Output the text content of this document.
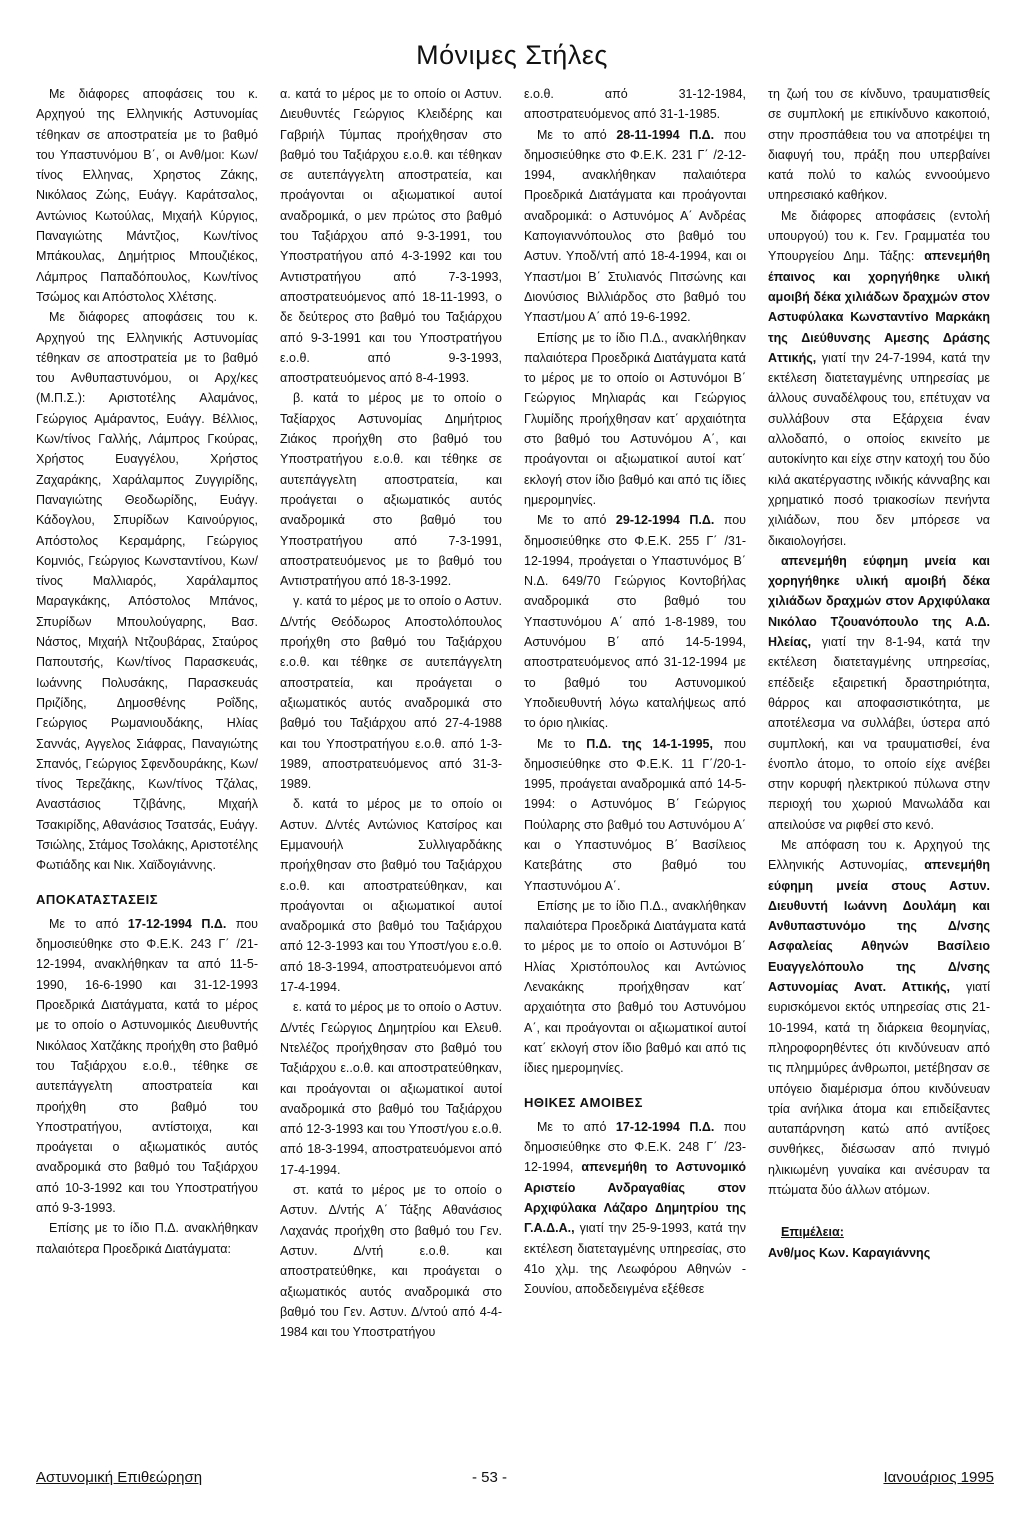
Μόνιμες Στήλες

Με διάφορες αποφάσεις του κ. Αρχηγού της Ελληνικής Αστυνομίας τέθηκαν σε αποστρατεία με το βαθμό του Υπαστυνόμου Β΄, οι Ανθ/μοι: Κων/τίνος Ελληνας, Χρηστος Ζάκης, Νικόλαος Ζώης, Ευάγγ. Καράτσαλος, Αντώνιος Κωτούλας, Μιχαήλ Κύργιος, Παναγιώτης Μάντζιος, Κων/τίνος Μπάκουλας, Δημήτριος Μπουζιέκος, Λάμπρος Παπαδόπουλος, Κων/τίνος Τσώμος και Απόστολος Χλέτσης.

Με διάφορες αποφάσεις του κ. Αρχηγού της Ελληνικής Αστυνομίας τέθηκαν σε αποστρατεία με το βαθμό του Ανθυπαστυνόμου, οι Αρχ/κες (Μ.Π.Σ.): Αριστοτέλης Αλαμάνος, Γεώργιος Αμάραντος, Ευάγγ. Βέλλιος, Κων/τίνος Γαλλής, Λάμπρος Γκούρας, Χρήστος Ευαγγέλου, Χρήστος Ζαχαράκης, Χαράλαμπος Ζυγγιρίδης, Παναγιώτης Θεοδωρίδης, Ευάγγ. Κάδογλου, Σπυρίδων Καινούργιος, Απόστολος Κεραμάρης, Γεώργιος Κομνιός, Γεώργιος Κωνσταντίνου, Κων/τίνος Μαλλιαρός, Χαράλαμπος Μαραγκάκης, Απόστολος Μπάνος, Σπυρίδων Μπουλούγαρης, Βασ. Νάστος, Μιχαήλ Ντζουβάρας, Σταύρος Παπουτσής, Κων/τίνος Παρασκευάς, Ιωάννης Πολυσάκης, Παρασκευάς Πριζίδης, Δημοσθένης Ροΐδης, Γεώργιος Ρωμανιουδάκης, Ηλίας Σαννάς, Αγγελος Σιάφρας, Παναγιώτης Σπανός, Γεώργιος Σφενδουράκης, Κων/τίνος Τερεζάκης, Κων/τίνος Τζάλας, Αναστάσιος Τζιβάνης, Μιχαήλ Τσακιρίδης, Αθανάσιος Τσατσάς, Ευάγγ. Τσιώλης, Στάμος Τσολάκης, Αριστοτέλης Φωτιάδης και Νικ. Χαϊδογιάννης.

ΑΠΟΚΑΤΑΣΤΑΣΕΙΣ

Με το από 17-12-1994 Π.Δ. που δημοσιεύθηκε στο Φ.Ε.Κ. 243 Γ΄ /21-12-1994, ανακλήθηκαν τα από 11-5-1990, 16-6-1990 και 31-12-1993 Προεδρικά Διατάγματα, κατά το μέρος με το οποίο ο Αστυνομικός Διευθυντής Νικόλαος Χατζάκης προήχθη στο βαθμό του Ταξιάρχου ε.ο.θ., τέθηκε σε αυτεπάγγελτη αποστρατεία και προήχθη στο βαθμό του Υποστρατήγου, αντίστοιχα, και προάγεται ο αξιωματικός αυτός αναδρομικά στο βαθμό του Ταξιάρχου από 10-3-1992 και του Υποστρατήγου από 9-3-1993.

Επίσης με το ίδιο Π.Δ. ανακλήθηκαν παλαιότερα Προεδρικά Διατάγματα:

α. κατά το μέρος με το οποίο οι Αστυν. Διευθυντές Γεώργιος Κλειδέρης και Γαβριήλ Τύμπας προήχθησαν στο βαθμό του Ταξιάρχου ε.ο.θ. και τέθηκαν σε αυτεπάγγελτη αποστρατεία, και προάγονται οι αξιωματικοί αυτοί αναδρομικά, ο μεν πρώτος στο βαθμό του Ταξιάρχου από 9-3-1991, του Υποστρατήγου από 4-3-1992 και του Αντιστρατήγου από 7-3-1993, αποστρατευόμενος από 18-11-1993, ο δε δεύτερος στο βαθμό του Ταξιάρχου από 9-3-1991 και του Υποστρατήγου ε.ο.θ. από 9-3-1993, αποστρατευόμενος από 8-4-1993.

β. κατά το μέρος με το οποίο ο Ταξίαρχος Αστυνομίας Δημήτριος Ζιάκος προήχθη στο βαθμό του Υποστρατήγου ε.ο.θ. και τέθηκε σε αυτεπάγγελτη αποστρατεία, και προάγεται ο αξιωματικός αυτός αναδρομικά στο βαθμό του Υποστρατήγου από 7-3-1991, αποστρατευόμενος με το βαθμό του Αντιστρατήγου από 18-3-1992.

γ. κατά το μέρος με το οποίο ο Αστυν. Δ/ντής Θεόδωρος Αποστολόπουλος προήχθη στο βαθμό του Ταξιάρχου ε.ο.θ. και τέθηκε σε αυτεπάγγελτη αποστρατεία, και προάγεται ο αξιωματικός αυτός αναδρομικά στο βαθμό του Ταξιάρχου από 27-4-1988 και του Υποστρατήγου ε.ο.θ. από 1-3-1989, αποστρατευόμενος από 31-3-1989.

δ. κατά το μέρος με το οποίο οι Αστυν. Δ/ντές Αντώνιος Κατσίρος και Εμμανουήλ Συλλιγαρδάκης προήχθησαν στο βαθμό του Ταξιάρχου ε.ο.θ. και αποστρατεύθηκαν, και προάγονται οι αξιωματικοί αυτοί αναδρομικά στο βαθμό του Ταξιάρχου από 12-3-1993 και του Υποστ/γου ε.ο.θ. από 18-3-1994, αποστρατευόμενοι από 17-4-1994.

ε. κατά το μέρος με το οποίο ο Αστυν. Δ/ντές Γεώργιος Δημητρίου και Ελευθ. Ντελέζος προήχθησαν στο βαθμό του Ταξιάρχου ε..ο.θ. και αποστρατεύθηκαν, και προάγονται οι αξιωματικοί αυτοί αναδρομικά στο βαθμό του Ταξιάρχου από 12-3-1993 και του Υποστ/γου ε.ο.θ. από 18-3-1994, αποστρατευόμενοι από 17-4-1994.

στ. κατά το μέρος με το οποίο ο Αστυν. Δ/ντής Α΄ Τάξης Αθανάσιος Λαχανάς προήχθη στο βαθμό του Γεν. Αστυν. Δ/ντή ε.ο.θ. και αποστρατεύθηκε, και προάγεται ο αξιωματικός αυτός αναδρομικά στο βαθμό του Γεν. Αστυν. Δ/ντού από 4-4-1984 και του Υποστρατήγου

ε.ο.θ. από 31-12-1984, αποστρατευόμενος από 31-1-1985.

Με το από 28-11-1994 Π.Δ. που δημοσιεύθηκε στο Φ.Ε.Κ. 231 Γ΄ /2-12-1994, ανακλήθηκαν παλαιότερα Προεδρικά Διατάγματα και προάγονται αναδρομικά: ο Αστυνόμος Α΄ Ανδρέας Καπογιαννόπουλος στο βαθμό του Αστυν. Υποδ/ντή από 18-4-1994, και οι Υπαστ/μοι Β΄ Στυλιανός Πιτσώνης και Διονύσιος Βιλλιάρδος στο βαθμό του Υπαστ/μου Α΄ από 19-6-1992.

Επίσης με το ίδιο Π.Δ., ανακλήθηκαν παλαιότερα Προεδρικά Διατάγματα κατά το μέρος με το οποίο οι Αστυνόμοι Β΄ Γεώργιος Μηλιαράς και Γεώργιος Γλυμίδης προήχθησαν κατ΄ αρχαιότητα στο βαθμό του Αστυνόμου Α΄, και προάγονται οι αξιωματικοί αυτοί κατ΄ εκλογή στον ίδιο βαθμό και από τις ίδιες ημερομηνίες.

Με το από 29-12-1994 Π.Δ. που δημοσιεύθηκε στο Φ.Ε.Κ. 255 Γ΄ /31-12-1994, προάγεται ο Υπαστυνόμος Β΄ Ν.Δ. 649/70 Γεώργιος Κοντοβήλας αναδρομικά στο βαθμό του Υπαστυνόμου Α΄ από 1-8-1989, του Αστυνόμου Β΄ από 14-5-1994, αποστρατευόμενος από 31-12-1994 με το βαθμό του Αστυνομικού Υποδιευθυντή λόγω καταλήψεως από το όριο ηλικίας.

Με το Π.Δ. της 14-1-1995, που δημοσιεύθηκε στο Φ.Ε.Κ. 11 Γ΄/20-1-1995, προάγεται αναδρομικά από 14-5-1994: ο Αστυνόμος Β΄ Γεώργιος Πούλαρης στο βαθμό του Αστυνόμου Α΄ και ο Υπαστυνόμος Β΄ Βασίλειος Κατεβάτης στο βαθμό του Υπαστυνόμου Α΄.

Επίσης με το ίδιο Π.Δ., ανακλήθηκαν παλαιότερα Προεδρικά Διατάγματα κατά το μέρος με το οποίο οι Αστυνόμοι Β΄ Ηλίας Χριστόπουλος και Αντώνιος Λενακάκης προήχθησαν κατ΄ αρχαιότητα στο βαθμό του Αστυνόμου Α΄, και προάγονται οι αξιωματικοί αυτοί κατ΄ εκλογή στον ίδιο βαθμό και από τις ίδιες ημερομηνίες.

ΗΘΙΚΕΣ ΑΜΟΙΒΕΣ

Με το από 17-12-1994 Π.Δ. που δημοσιεύθηκε στο Φ.Ε.Κ. 248 Γ΄ /23-12-1994, απενεμήθη το Αστυνομικό Αριστείο Ανδραγαθίας στον Αρχιφύλακα Λάζαρο Δημητρίου της Γ.Α.Δ.Α., γιατί την 25-9-1993, κατά την εκτέλεση διατεταγμένης υπηρεσίας, στο 41ο χλμ. της Λεωφόρου Αθηνών - Σουνίου, αποδεδειγμένα εξέθεσε

τη ζωή του σε κίνδυνο, τραυματισθείς σε συμπλοκή με επικίνδυνο κακοποιό, στην προσπάθεια του να αποτρέψει τη διαφυγή του, πράξη που υπερβαίνει κατά πολύ το καλώς εννοούμενο υπηρεσιακό καθήκον.

Με διάφορες αποφάσεις (εντολή υπουργού) του κ. Γεν. Γραμματέα του Υπουργείου Δημ. Τάξης: απενεμήθη έπαινος και χορηγήθηκε υλική αμοιβή δέκα χιλιάδων δραχμών στον Αστυφύλακα Κωνσταντίνο Μαρκάκη της Διεύθυνσης Αμεσης Δράσης Αττικής, γιατί την 24-7-1994, κατά την εκτέλεση διατεταγμένης υπηρεσίας με άλλους συναδέλφους του, επέτυχαν να συλλάβουν στα Εξάρχεια έναν αλλοδαπό, ο οποίος εκινείτο με αυτοκίνητο και είχε στην κατοχή του δύο κιλά ακατέργαστης ινδικής κάνναβης και χρηματικό ποσό τριακοσίων πενήντα χιλιάδων, που δεν μπόρεσε να δικαιολογήσει.

απενεμήθη εύφημη μνεία και χορηγήθηκε υλική αμοιβή δέκα χιλιάδων δραχμών στον Αρχιφύλακα Νικόλαο Τζουανόπουλο της Α.Δ. Ηλείας, γιατί την 8-1-94, κατά την εκτέλεση διατεταγμένης υπηρεσίας, επέδειξε εξαιρετική δραστηριότητα, θάρρος και αποφασιστικότητα, με αποτέλεσμα να συλλάβει, ύστερα από συμπλοκή, και να τραυματισθεί, ένα ένοπλο άτομο, το οποίο είχε ανέβει στην κορυφή ηλεκτρικού πύλωνα στην περιοχή του χωριού Μανωλάδα και απειλούσε να ριφθεί στο κενό.

Με απόφαση του κ. Αρχηγού της Ελληνικής Αστυνομίας, απενεμήθη εύφημη μνεία στους Αστυν. Διευθυντή Ιωάννη Δουλάμη και Ανθυπαστυνόμο της Δ/νσης Ασφαλείας Αθηνών Βασίλειο Ευαγγελόπουλο της Δ/νσης Αστυνομίας Ανατ. Αττικής, γιατί ευρισκόμενοι εκτός υπηρεσίας στις 21-10-1994, κατά τη διάρκεια θεομηνίας, πληροφορηθέντες ότι κινδύνευαν από τις πλημμύρες άνθρωποι, μετέβησαν σε υπόγειο διαμέρισμα όπου κινδύνευαν τρία ανήλικα άτομα και επιδείξαντες αυταπάρνηση κατώ από αντίξοες συνθήκες, διέσωσαν από πνιγμό ηλικιωμένη γυναίκα και ανέσυραν τα πτώματα δύο άλλων ατόμων.

Επιμέλεια:
Ανθ/μος Κων. Καραγιάννης

Αστυνομική Επιθεώρηση	- 53 -	Ιανουάριος 1995
